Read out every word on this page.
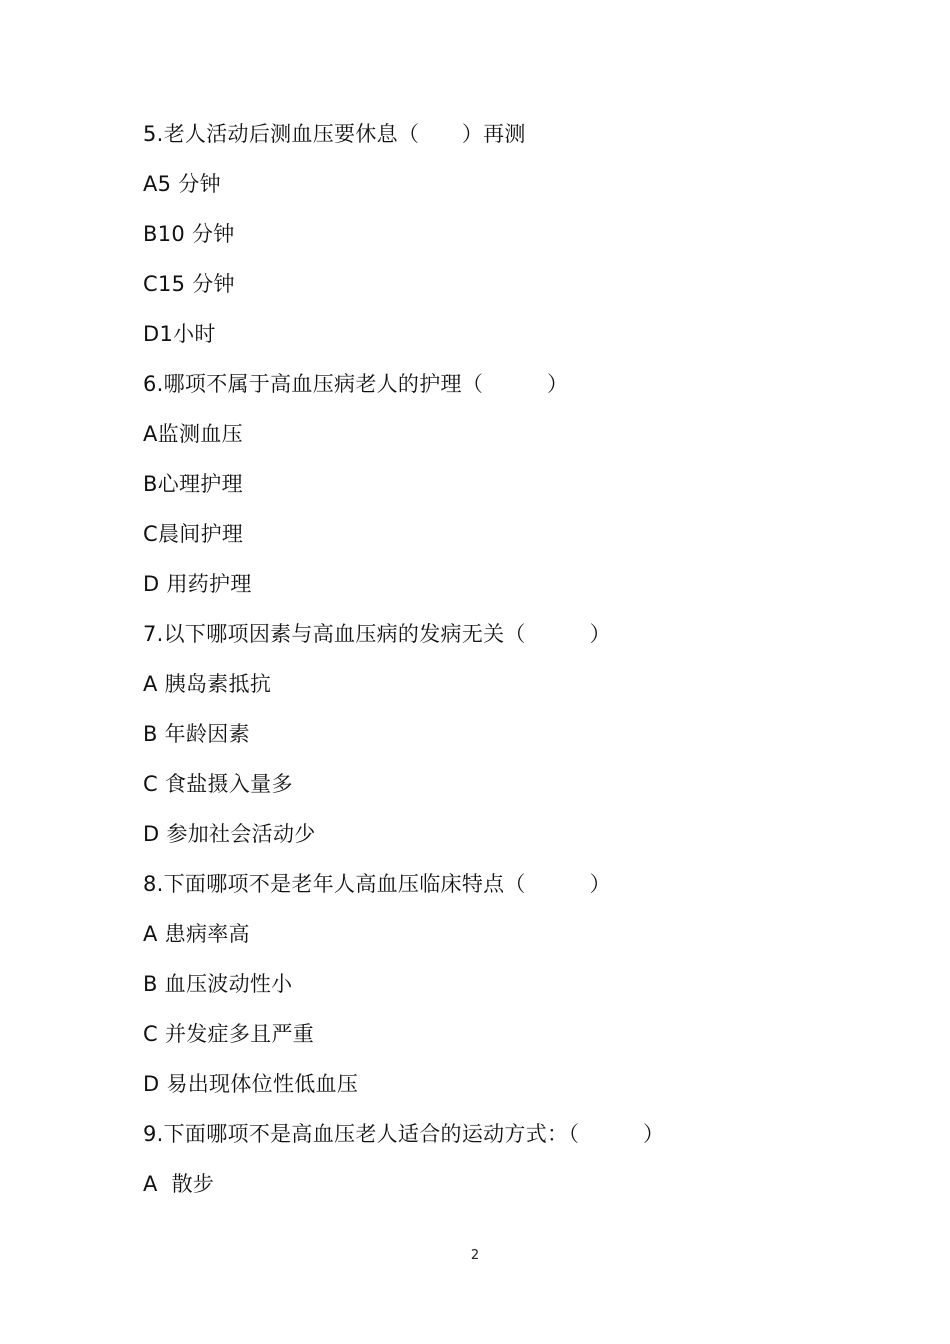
5.老人活动后测血压要休息（　　）再测
A5 分钟
B10 分钟
C15 分钟
D1小时
6.哪项不属于高血压病老人的护理（　　　）
A监测血压
B心理护理
C晨间护理
D 用药护理
7.以下哪项因素与高血压病的发病无关（　　　）
A 胰岛素抵抗
B 年龄因素
C 食盐摄入量多
D 参加社会活动少
8.下面哪项不是老年人高血压临床特点（　　　）
A 患病率高
B 血压波动性小
C 并发症多且严重
D 易出现体位性低血压
9.下面哪项不是高血压老人适合的运动方式：（　　　）
A  散步
2
